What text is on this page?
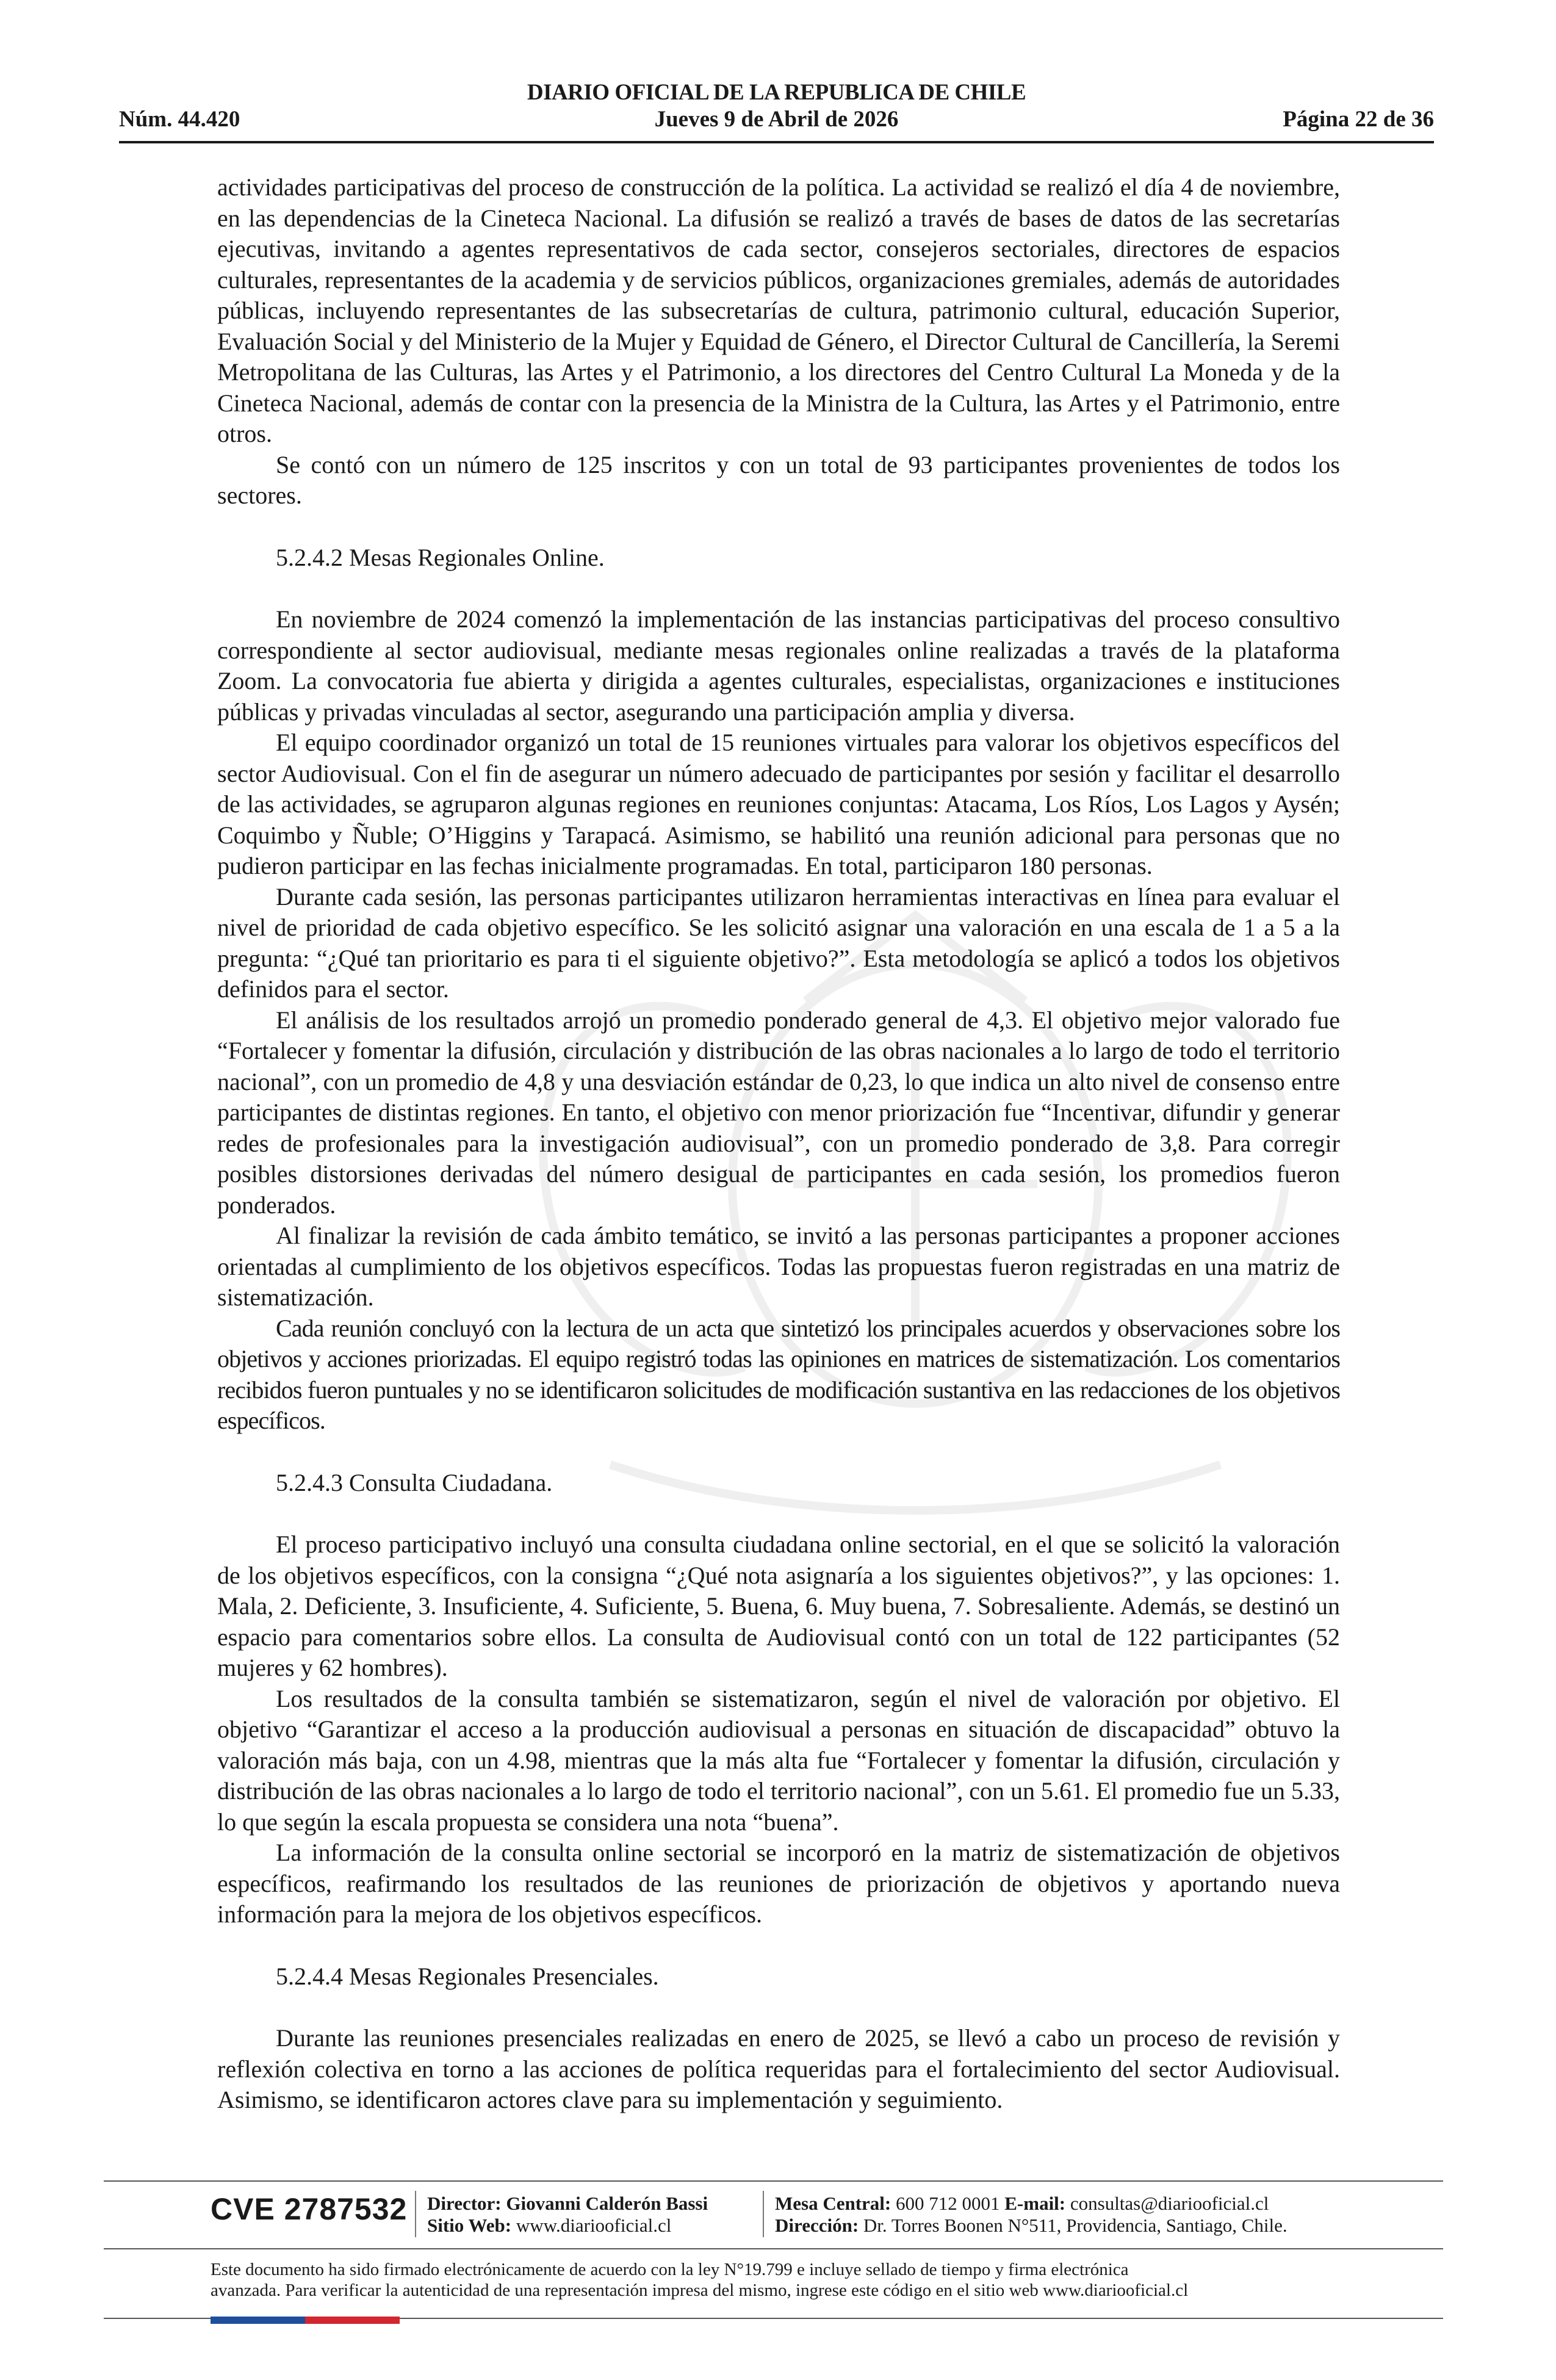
DIARIO OFICIAL DE LA REPUBLICA DE CHILE
Núm. 44.420	Jueves 9 de Abril de 2026	Página 22 de 36

actividades participativas del proceso de construcción de la política. La actividad se realizó el día 4 de noviembre, en las dependencias de la Cineteca Nacional. La difusión se realizó a través de bases de datos de las secretarías ejecutivas, invitando a agentes representativos de cada sector, consejeros sectoriales, directores de espacios culturales, representantes de la academia y de servicios públicos, organizaciones gremiales, además de autoridades públicas, incluyendo representantes de las subsecretarías de cultura, patrimonio cultural, educación Superior, Evaluación Social y del Ministerio de la Mujer y Equidad de Género, el Director Cultural de Cancillería, la Seremi Metropolitana de las Culturas, las Artes y el Patrimonio, a los directores del Centro Cultural La Moneda y de la Cineteca Nacional, además de contar con la presencia de la Ministra de la Cultura, las Artes y el Patrimonio, entre otros.

Se contó con un número de 125 inscritos y con un total de 93 participantes provenientes de todos los sectores.

5.2.4.2 Mesas Regionales Online.

En noviembre de 2024 comenzó la implementación de las instancias participativas del proceso consultivo correspondiente al sector audiovisual, mediante mesas regionales online realizadas a través de la plataforma Zoom. La convocatoria fue abierta y dirigida a agentes culturales, especialistas, organizaciones e instituciones públicas y privadas vinculadas al sector, asegurando una participación amplia y diversa.

El equipo coordinador organizó un total de 15 reuniones virtuales para valorar los objetivos específicos del sector Audiovisual. Con el fin de asegurar un número adecuado de participantes por sesión y facilitar el desarrollo de las actividades, se agruparon algunas regiones en reuniones conjuntas: Atacama, Los Ríos, Los Lagos y Aysén; Coquimbo y Ñuble; O’Higgins y Tarapacá. Asimismo, se habilitó una reunión adicional para personas que no pudieron participar en las fechas inicialmente programadas. En total, participaron 180 personas.

Durante cada sesión, las personas participantes utilizaron herramientas interactivas en línea para evaluar el nivel de prioridad de cada objetivo específico. Se les solicitó asignar una valoración en una escala de 1 a 5 a la pregunta: “¿Qué tan prioritario es para ti el siguiente objetivo?”. Esta metodología se aplicó a todos los objetivos definidos para el sector.

El análisis de los resultados arrojó un promedio ponderado general de 4,3. El objetivo mejor valorado fue “Fortalecer y fomentar la difusión, circulación y distribución de las obras nacionales a lo largo de todo el territorio nacional”, con un promedio de 4,8 y una desviación estándar de 0,23, lo que indica un alto nivel de consenso entre participantes de distintas regiones. En tanto, el objetivo con menor priorización fue “Incentivar, difundir y generar redes de profesionales para la investigación audiovisual”, con un promedio ponderado de 3,8. Para corregir posibles distorsiones derivadas del número desigual de participantes en cada sesión, los promedios fueron ponderados.

Al finalizar la revisión de cada ámbito temático, se invitó a las personas participantes a proponer acciones orientadas al cumplimiento de los objetivos específicos. Todas las propuestas fueron registradas en una matriz de sistematización.

Cada reunión concluyó con la lectura de un acta que sintetizó los principales acuerdos y observaciones sobre los objetivos y acciones priorizadas. El equipo registró todas las opiniones en matrices de sistematización. Los comentarios recibidos fueron puntuales y no se identificaron solicitudes de modificación sustantiva en las redacciones de los objetivos específicos.

5.2.4.3 Consulta Ciudadana.

El proceso participativo incluyó una consulta ciudadana online sectorial, en el que se solicitó la valoración de los objetivos específicos, con la consigna “¿Qué nota asignaría a los siguientes objetivos?”, y las opciones: 1. Mala, 2. Deficiente, 3. Insuficiente, 4. Suficiente, 5. Buena, 6. Muy buena, 7. Sobresaliente. Además, se destinó un espacio para comentarios sobre ellos. La consulta de Audiovisual contó con un total de 122 participantes (52 mujeres y 62 hombres).

Los resultados de la consulta también se sistematizaron, según el nivel de valoración por objetivo. El objetivo “Garantizar el acceso a la producción audiovisual a personas en situación de discapacidad” obtuvo la valoración más baja, con un 4.98, mientras que la más alta fue “Fortalecer y fomentar la difusión, circulación y distribución de las obras nacionales a lo largo de todo el territorio nacional”, con un 5.61. El promedio fue un 5.33, lo que según la escala propuesta se considera una nota “buena”.

La información de la consulta online sectorial se incorporó en la matriz de sistematización de objetivos específicos, reafirmando los resultados de las reuniones de priorización de objetivos y aportando nueva información para la mejora de los objetivos específicos.

5.2.4.4 Mesas Regionales Presenciales.

Durante las reuniones presenciales realizadas en enero de 2025, se llevó a cabo un proceso de revisión y reflexión colectiva en torno a las acciones de política requeridas para el fortalecimiento del sector Audiovisual. Asimismo, se identificaron actores clave para su implementación y seguimiento.

CVE 2787532 Director: Giovanni Calderón Bassi
Sitio Web: www.diariooficial.cl
Mesa Central: 600 712 0001 E-mail: consultas@diariooficial.cl
Dirección: Dr. Torres Boonen N°511, Providencia, Santiago, Chile.
Este documento ha sido firmado electrónicamente de acuerdo con la ley N°19.799 e incluye sellado de tiempo y firma electrónica
avanzada. Para verificar la autenticidad de una representación impresa del mismo, ingrese este código en el sitio web www.diariooficial.cl
